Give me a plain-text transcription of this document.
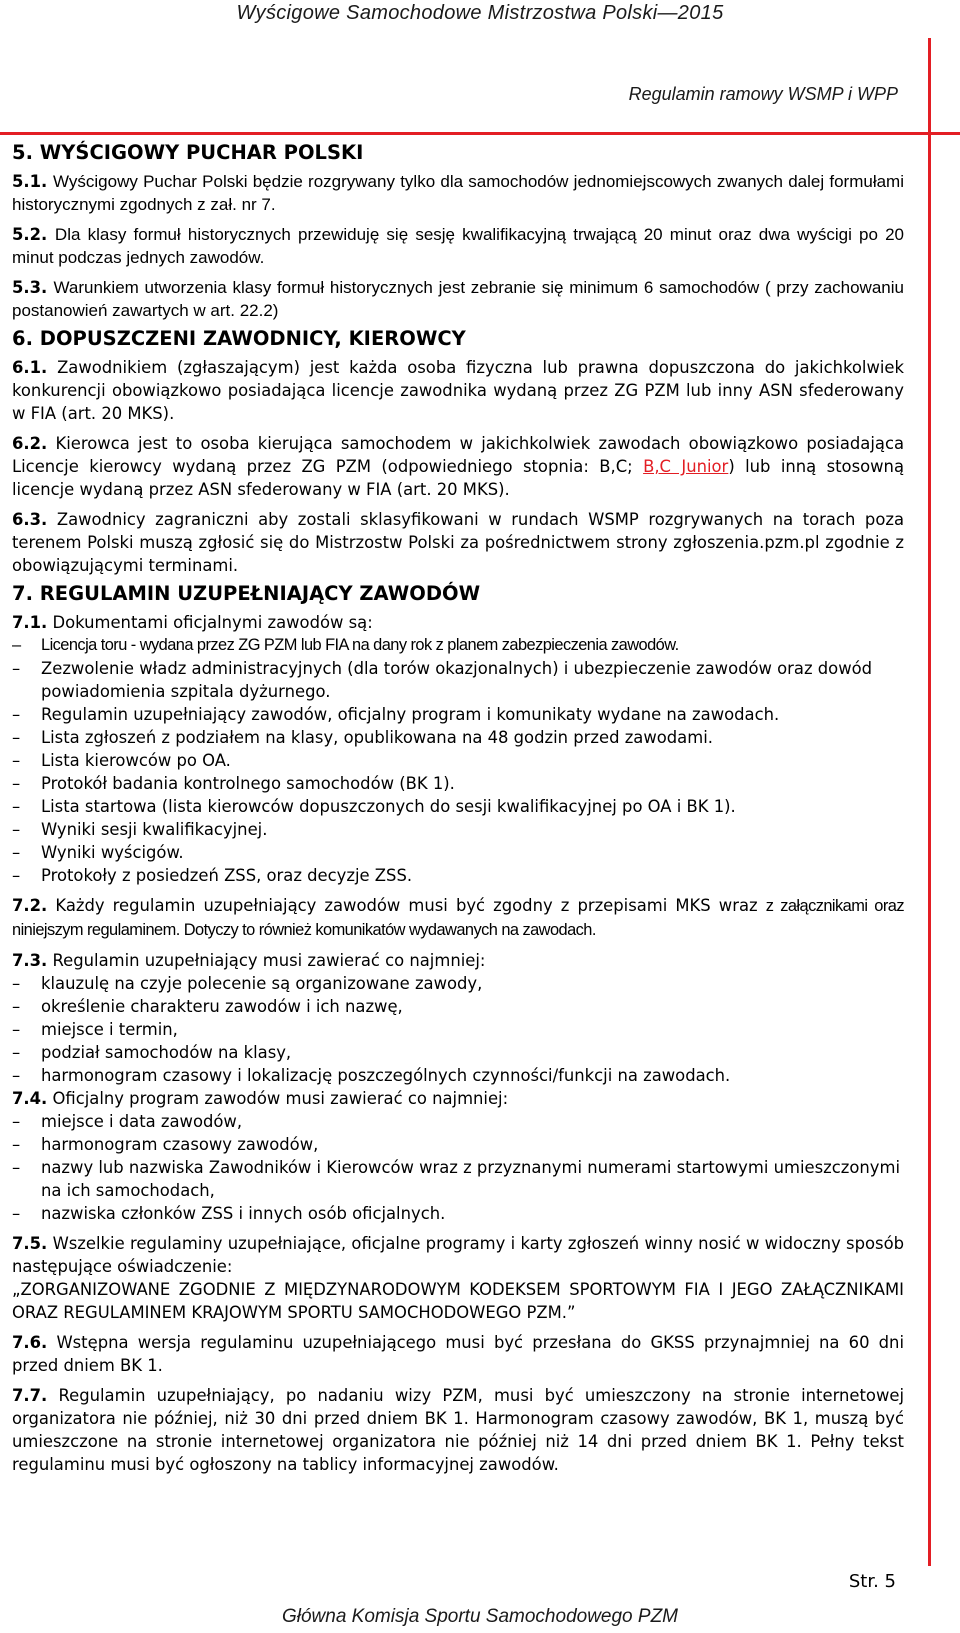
Wyścigowe Samochodowe Mistrzostwa Polski—2015
Regulamin ramowy WSMP i WPP

5. WYŚCIGOWY PUCHAR POLSKI

5.1. Wyścigowy Puchar Polski będzie rozgrywany tylko dla samochodów jednomiejscowych zwanych dalej formułami historycznymi zgodnych z zał. nr 7.

5.2. Dla klasy formuł historycznych przewiduję się sesję kwalifikacyjną trwającą 20 minut oraz dwa wyścigi po 20 minut podczas jednych zawodów.

5.3. Warunkiem utworzenia klasy formuł historycznych jest zebranie się minimum 6 samochodów ( przy zachowaniu postanowień zawartych w art. 22.2)

6. DOPUSZCZENI ZAWODNICY, KIEROWCY

6.1. Zawodnikiem (zgłaszającym) jest każda osoba fizyczna lub prawna dopuszczona do jakichkolwiek konkurencji obowiązkowo posiadająca licencje zawodnika wydaną przez ZG PZM lub inny ASN sfederowany w FIA (art. 20 MKS).

6.2. Kierowca jest to osoba kierująca samochodem w jakichkolwiek zawodach obowiązkowo posiadająca Licencje kierowcy wydaną przez ZG PZM (odpowiedniego stopnia: B,C; B,C Junior) lub inną stosowną licencje wydaną przez ASN sfederowany w FIA (art. 20 MKS).

6.3. Zawodnicy zagraniczni aby zostali sklasyfikowani w rundach WSMP rozgrywanych na torach poza terenem Polski muszą zgłosić się do Mistrzostw Polski za pośrednictwem strony zgłoszenia.pzm.pl zgodnie z obowiązującymi terminami.

7. REGULAMIN UZUPEŁNIAJĄCY ZAWODÓW

7.1. Dokumentami oficjalnymi zawodów są:

– Licencja toru - wydana przez ZG PZM lub FIA na dany rok z planem zabezpieczenia zawodów.
– Zezwolenie władz administracyjnych (dla torów okazjonalnych) i ubezpieczenie zawodów oraz dowód powiadomienia szpitala dyżurnego.
– Regulamin uzupełniający zawodów, oficjalny program i komunikaty wydane na zawodach.
– Lista zgłoszeń z podziałem na klasy, opublikowana na 48 godzin przed zawodami.
– Lista kierowców po OA.
– Protokół badania kontrolnego samochodów (BK 1).
– Lista startowa (lista kierowców dopuszczonych do sesji kwalifikacyjnej po OA i BK 1).
– Wyniki sesji kwalifikacyjnej.
– Wyniki wyścigów.
– Protokoły z posiedzeń ZSS, oraz decyzje ZSS.

7.2. Każdy regulamin uzupełniający zawodów musi być zgodny z przepisami MKS wraz z załącznikami oraz niniejszym regulaminem. Dotyczy to również komunikatów wydawanych na zawodach.

7.3. Regulamin uzupełniający musi zawierać co najmniej:

– klauzulę na czyje polecenie są organizowane zawody,
– określenie charakteru zawodów i ich nazwę,
– miejsce i termin,
– podział samochodów na klasy,
– harmonogram czasowy i lokalizację poszczególnych czynności/funkcji na zawodach.

7.4. Oficjalny program zawodów musi zawierać co najmniej:

– miejsce i data zawodów,
– harmonogram czasowy zawodów,
– nazwy lub nazwiska Zawodników i Kierowców wraz z przyznanymi numerami startowymi umieszczonymi na ich samochodach,
– nazwiska członków ZSS i innych osób oficjalnych.

7.5. Wszelkie regulaminy uzupełniające, oficjalne programy i karty zgłoszeń winny nosić w widoczny sposób następujące oświadczenie:

„ZORGANIZOWANE ZGODNIE Z MIĘDZYNARODOWYM KODEKSEM SPORTOWYM FIA I JEGO ZAŁĄCZNIKAMI ORAZ REGULAMINEM KRAJOWYM SPORTU SAMOCHODOWEGO PZM.”

7.6. Wstępna wersja regulaminu uzupełniającego musi być przesłana do GKSS przynajmniej na 60 dni przed dniem BK 1.

7.7. Regulamin uzupełniający, po nadaniu wizy PZM, musi być umieszczony na stronie internetowej organizatora nie później, niż 30 dni przed dniem BK 1. Harmonogram czasowy zawodów, BK 1, muszą być umieszczone na stronie internetowej organizatora nie później niż 14 dni przed dniem BK 1. Pełny tekst regulaminu musi być ogłoszony na tablicy informacyjnej zawodów.

Str. 5
Główna Komisja Sportu Samochodowego PZM
